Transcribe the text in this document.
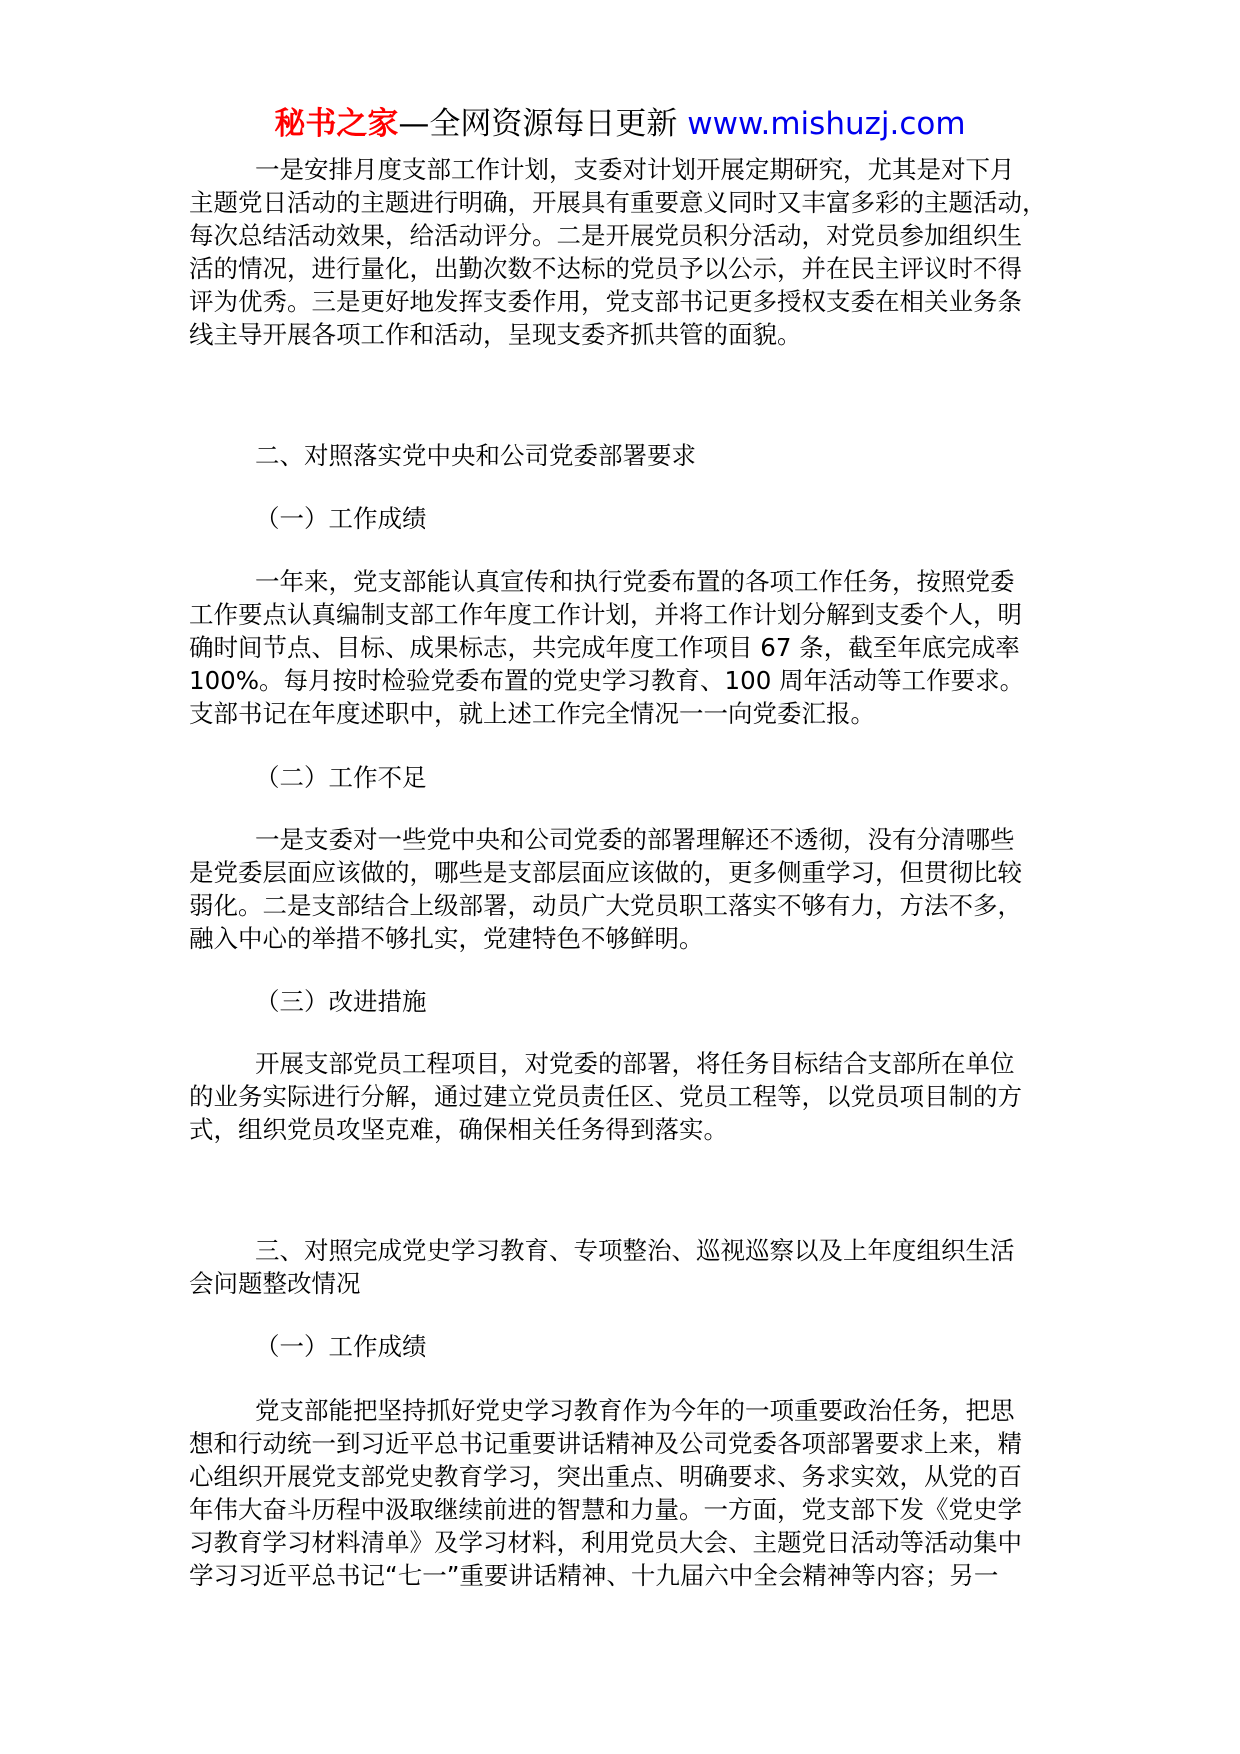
秘书之家—全网资源每日更新 www.mishuzj.com
一是安排月度支部工作计划，支委对计划开展定期研究，尤其是对下月
主题党日活动的主题进行明确，开展具有重要意义同时又丰富多彩的主题活动，
每次总结活动效果，给活动评分。二是开展党员积分活动，对党员参加组织生
活的情况，进行量化，出勤次数不达标的党员予以公示，并在民主评议时不得
评为优秀。三是更好地发挥支委作用，党支部书记更多授权支委在相关业务条
线主导开展各项工作和活动，呈现支委齐抓共管的面貌。
二、对照落实党中央和公司党委部署要求
（一）工作成绩
一年来，党支部能认真宣传和执行党委布置的各项工作任务，按照党委
工作要点认真编制支部工作年度工作计划，并将工作计划分解到支委个人，明
确时间节点、目标、成果标志，共完成年度工作项目 67 条，截至年底完成率
100%。每月按时检验党委布置的党史学习教育、100 周年活动等工作要求。
支部书记在年度述职中，就上述工作完全情况一一向党委汇报。
（二）工作不足
一是支委对一些党中央和公司党委的部署理解还不透彻，没有分清哪些
是党委层面应该做的，哪些是支部层面应该做的，更多侧重学习，但贯彻比较
弱化。二是支部结合上级部署，动员广大党员职工落实不够有力，方法不多，
融入中心的举措不够扎实，党建特色不够鲜明。
（三）改进措施
开展支部党员工程项目，对党委的部署，将任务目标结合支部所在单位
的业务实际进行分解，通过建立党员责任区、党员工程等，以党员项目制的方
式，组织党员攻坚克难，确保相关任务得到落实。
三、对照完成党史学习教育、专项整治、巡视巡察以及上年度组织生活
会问题整改情况
（一）工作成绩
党支部能把坚持抓好党史学习教育作为今年的一项重要政治任务，把思
想和行动统一到习近平总书记重要讲话精神及公司党委各项部署要求上来，精
心组织开展党支部党史教育学习，突出重点、明确要求、务求实效，从党的百
年伟大奋斗历程中汲取继续前进的智慧和力量。一方面，党支部下发《党史学
习教育学习材料清单》及学习材料，利用党员大会、主题党日活动等活动集中
学习习近平总书记“七一”重要讲话精神、十九届六中全会精神等内容；另一
